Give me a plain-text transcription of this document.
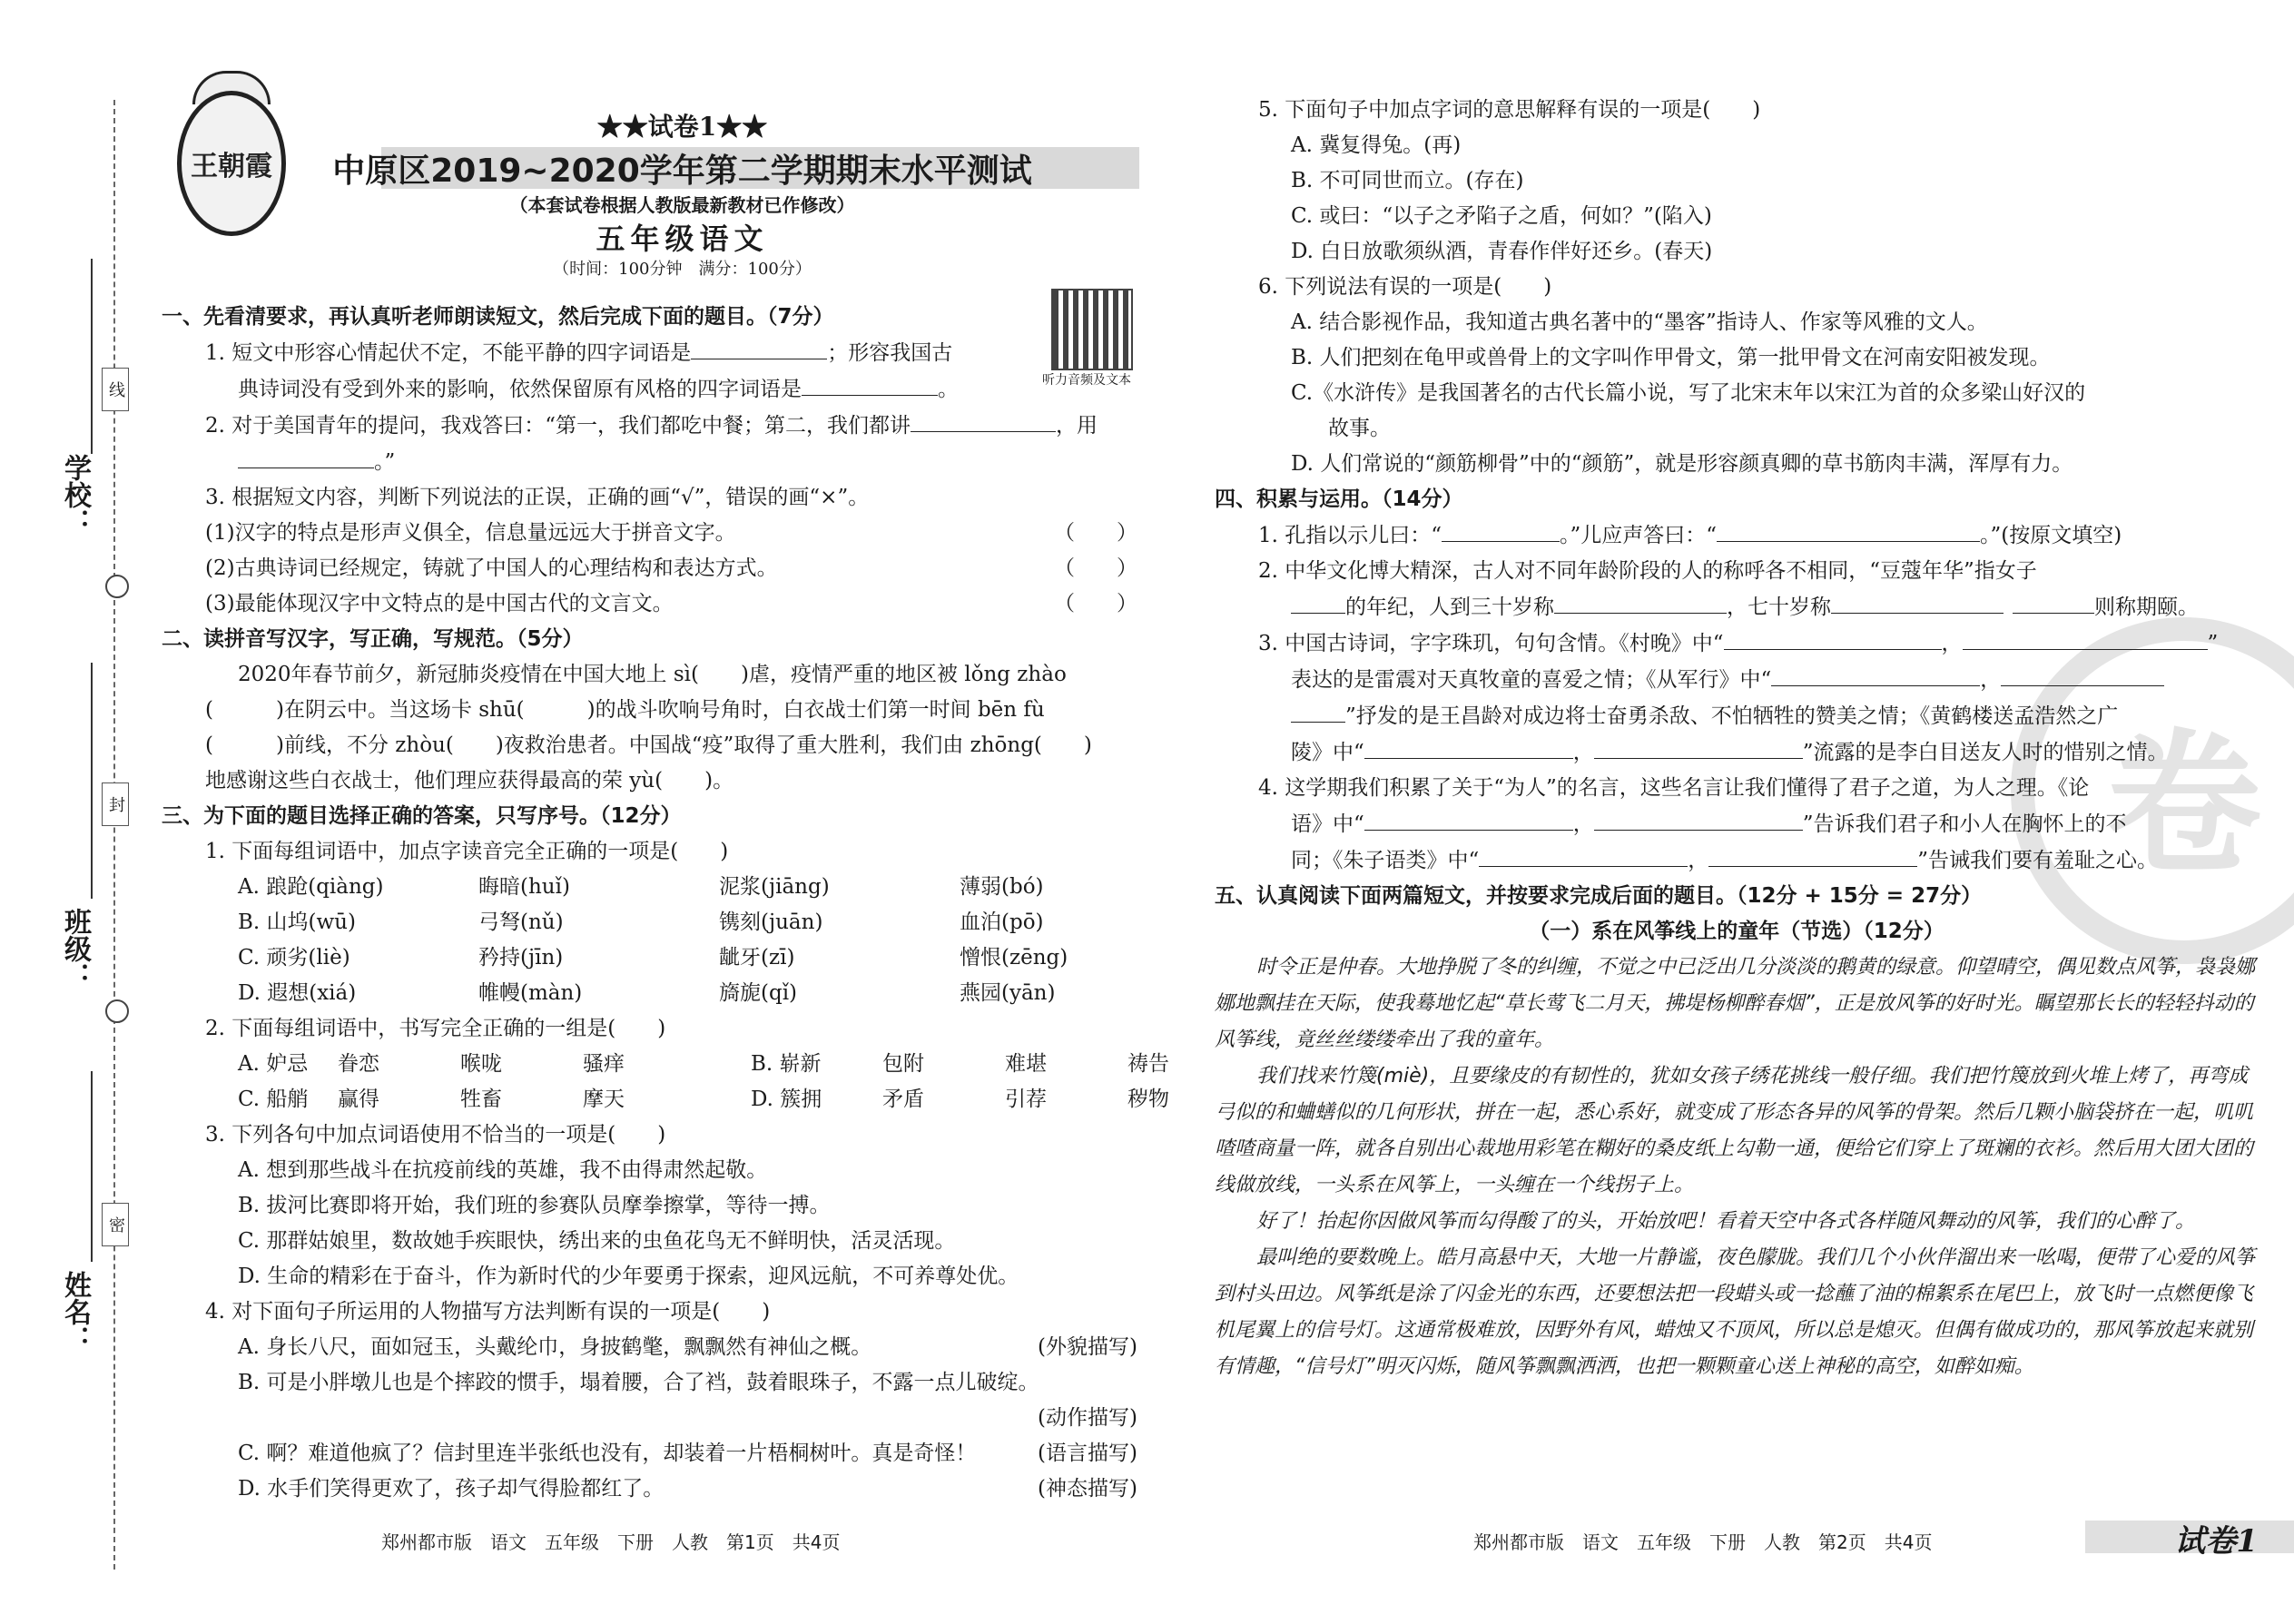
学校：
班级：
姓名：
线
封
密
王朝霞
★★试卷1★★
中原区2019~2020学年第二学期期末水平测试
（本套试卷根据人教版最新教材已作修改）
五年级语文
（时间：100分钟　满分：100分）
听力音频及文本

一、先看清要求，再认真听老师朗读短文，然后完成下面的题目。（7分）

1. 短文中形容心情起伏不定，不能平静的四字词语是	；形容我国古

典诗词没有受到外来的影响，依然保留原有风格的四字词语是	。

2. 对于美国青年的提问，我戏答曰：“第一，我们都吃中餐；第二，我们都讲	，用

。”

3. 根据短文内容，判断下列说法的正误，正确的画“√”，错误的画“×”。

(1)汉字的特点是形声义俱全，信息量远远大于拼音文字。	（　　）

(2)古典诗词已经规定，铸就了中国人的心理结构和表达方式。	（　　）

(3)最能体现汉字中文特点的是中国古代的文言文。	（　　）

二、读拼音写汉字，写正确，写规范。（5分）

2020年春节前夕，新冠肺炎疫情在中国大地上 sì(　　)虐，疫情严重的地区被 lǒng zhào

(　　　)在阴云中。当这场卡 shū(　　　)的战斗吹响号角时，白衣战士们第一时间 bēn fù

(　　　)前线，不分 zhòu(　　)夜救治患者。中国战“疫”取得了重大胜利，我们由 zhōng(　　)

地感谢这些白衣战士，他们理应获得最高的荣 yù(　　)。

三、为下面的题目选择正确的答案，只写序号。（12分）

1. 下面每组词语中，加点字读音完全正确的一项是(　　)

A. 踉跄(qiàng)	晦暗(huǐ)	泥浆(jiāng)	薄弱(bó)
B. 山坞(wū)	弓弩(nǔ)	镌刻(juān)	血泊(pō)
C. 顽劣(liè)	矜持(jīn)	龇牙(zī)	憎恨(zēng)
D. 遐想(xiá)	帷幔(màn)	旖旎(qǐ)	燕园(yān)

2. 下面每组词语中，书写完全正确的一组是(　　)

A. 妒忌	眷恋	喉咙	骚痒	B. 崭新	包附	难堪	祷告
C. 船艄	赢得	牲畜	摩天	D. 簇拥	矛盾	引荐	秽物

3. 下列各句中加点词语使用不恰当的一项是(　　)

A. 想到那些战斗在抗疫前线的英雄，我不由得肃然起敬。

B. 拔河比赛即将开始，我们班的参赛队员摩拳擦掌，等待一搏。

C. 那群姑娘里，数故她手疾眼快，绣出来的虫鱼花鸟无不鲜明快，活灵活现。

D. 生命的精彩在于奋斗，作为新时代的少年要勇于探索，迎风远航，不可养尊处优。

4. 对下面句子所运用的人物描写方法判断有误的一项是(　　)

A. 身长八尺，面如冠玉，头戴纶巾，身披鹤氅，飘飘然有神仙之概。	(外貌描写)

B. 可是小胖墩儿也是个摔跤的惯手，塌着腰，合了裆，鼓着眼珠子，不露一点儿破绽。

(动作描写)

C. 啊？难道他疯了？信封里连半张纸也没有，却装着一片梧桐树叶。真是奇怪！	(语言描写)

D. 水手们笑得更欢了，孩子却气得脸都红了。	(神态描写)

郑州都市版　语文　五年级　下册　人教　第1页　共4页
卷

5. 下面句子中加点字词的意思解释有误的一项是(　　)

A. 冀复得兔。(再)

B. 不可同世而立。(存在)

C. 或曰：“以子之矛陷子之盾，何如？”(陷入)

D. 白日放歌须纵酒，青春作伴好还乡。(春天)

6. 下列说法有误的一项是(　　)

A. 结合影视作品，我知道古典名著中的“墨客”指诗人、作家等风雅的文人。

B. 人们把刻在龟甲或兽骨上的文字叫作甲骨文，第一批甲骨文在河南安阳被发现。

C.《水浒传》是我国著名的古代长篇小说，写了北宋末年以宋江为首的众多梁山好汉的

故事。

D. 人们常说的“颜筋柳骨”中的“颜筋”，就是形容颜真卿的草书筋肉丰满，浑厚有力。

四、积累与运用。（14分）

1. 孔指以示儿曰：“	。”儿应声答曰：“	。”(按原文填空)

2. 中华文化博大精深，古人对不同年龄阶段的人的称呼各不相同，“豆蔻年华”指女子

的年纪，人到三十岁称	，七十岁称	则称期颐。

3. 中国古诗词，字字珠玑，句句含情。《村晚》中“	，	”

表达的是雷震对天真牧童的喜爱之情；《从军行》中“	，

”抒发的是王昌龄对成边将士奋勇杀敌、不怕牺牲的赞美之情；《黄鹤楼送孟浩然之广

陵》中“	，	”流露的是李白目送友人时的惜别之情。

4. 这学期我们积累了关于“为人”的名言，这些名言让我们懂得了君子之道，为人之理。《论

语》中“	，	”告诉我们君子和小人在胸怀上的不

同；《朱子语类》中“	，	”告诫我们要有羞耻之心。

五、认真阅读下面两篇短文，并按要求完成后面的题目。（12分 + 15分 = 27分）

（一）系在风筝线上的童年（节选）（12分）

时令正是仲春。大地挣脱了冬的纠缠，不觉之中已泛出几分淡淡的鹅黄的绿意。仰望晴空，偶见数点风筝，袅袅娜娜地飘挂在天际，使我蓦地忆起“草长莺飞二月天，拂堤杨柳醉春烟”，正是放风筝的好时光。瞩望那长长的轻轻抖动的风筝线，竟丝丝缕缕牵出了我的童年。

我们找来竹篾(miè)，且要缘皮的有韧性的，犹如女孩子绣花挑线一般仔细。我们把竹篾放到火堆上烤了，再弯成弓似的和蛐蟮似的几何形状，拼在一起，悉心系好，就变成了形态各异的风筝的骨架。然后几颗小脑袋挤在一起，叽叽喳喳商量一阵，就各自别出心裁地用彩笔在糊好的桑皮纸上勾勒一通，便给它们穿上了斑斓的衣衫。然后用大团大团的线做放线，一头系在风筝上，一头缠在一个线拐子上。

好了！抬起你因做风筝而勾得酸了的头，开始放吧！看着天空中各式各样随风舞动的风筝，我们的心醉了。

最叫绝的要数晚上。皓月高悬中天，大地一片静谧，夜色朦胧。我们几个小伙伴溜出来一吆喝，便带了心爱的风筝到村头田边。风筝纸是涂了闪金光的东西，还要想法把一段蜡头或一捻蘸了油的棉絮系在尾巴上，放飞时一点燃便像飞机尾翼上的信号灯。这通常极难放，因野外有风，蜡烛又不顶风，所以总是熄灭。但偶有做成功的，那风筝放起来就别有情趣，“信号灯”明灭闪烁，随风筝飘飘洒洒，也把一颗颗童心送上神秘的高空，如醉如痴。

郑州都市版　语文　五年级　下册　人教　第2页　共4页	试卷1
